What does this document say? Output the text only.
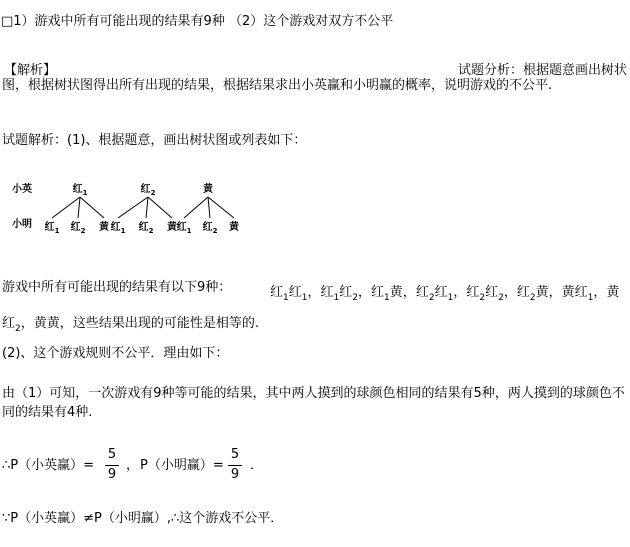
□1）游戏中所有可能出现的结果有9种 （2）这个游戏对双方不公平
【解析】	试题分析：根据题意画出树状图，根据树状图得出所有出现的结果，根据结果求出小英赢和小明赢的概率，说明游戏的不公平.
试题解析：(1)、根据题意，画出树状图或列表如下：
小英
小明
红$_1$	红$_2$	黄
红$_1$ 红$_2$ 黄 红$_1$ 红$_2$ 黄 红$_1$ 红$_2$ 黄
游戏中所有可能出现的结果有以下9种：	红$_1$红$_1$，红$_1$红$_2$，红$_1$黄，红$_2$红$_1$，红$_2$红$_2$，红$_2$黄，黄红$_1$，黄红$_2$，黄黄，这些结果出现的可能性是相等的.
(2)、这个游戏规则不公平．理由如下：
由（1）可知，一次游戏有9种等可能的结果，其中两人摸到的球颜色相同的结果有5种，两人摸到的球颜色不同的结果有4种.
∴P（小英赢）=
5
9
， P（小明赢）=
5
9
．
∵P（小英赢）≠P（小明赢）,∴这个游戏不公平．
